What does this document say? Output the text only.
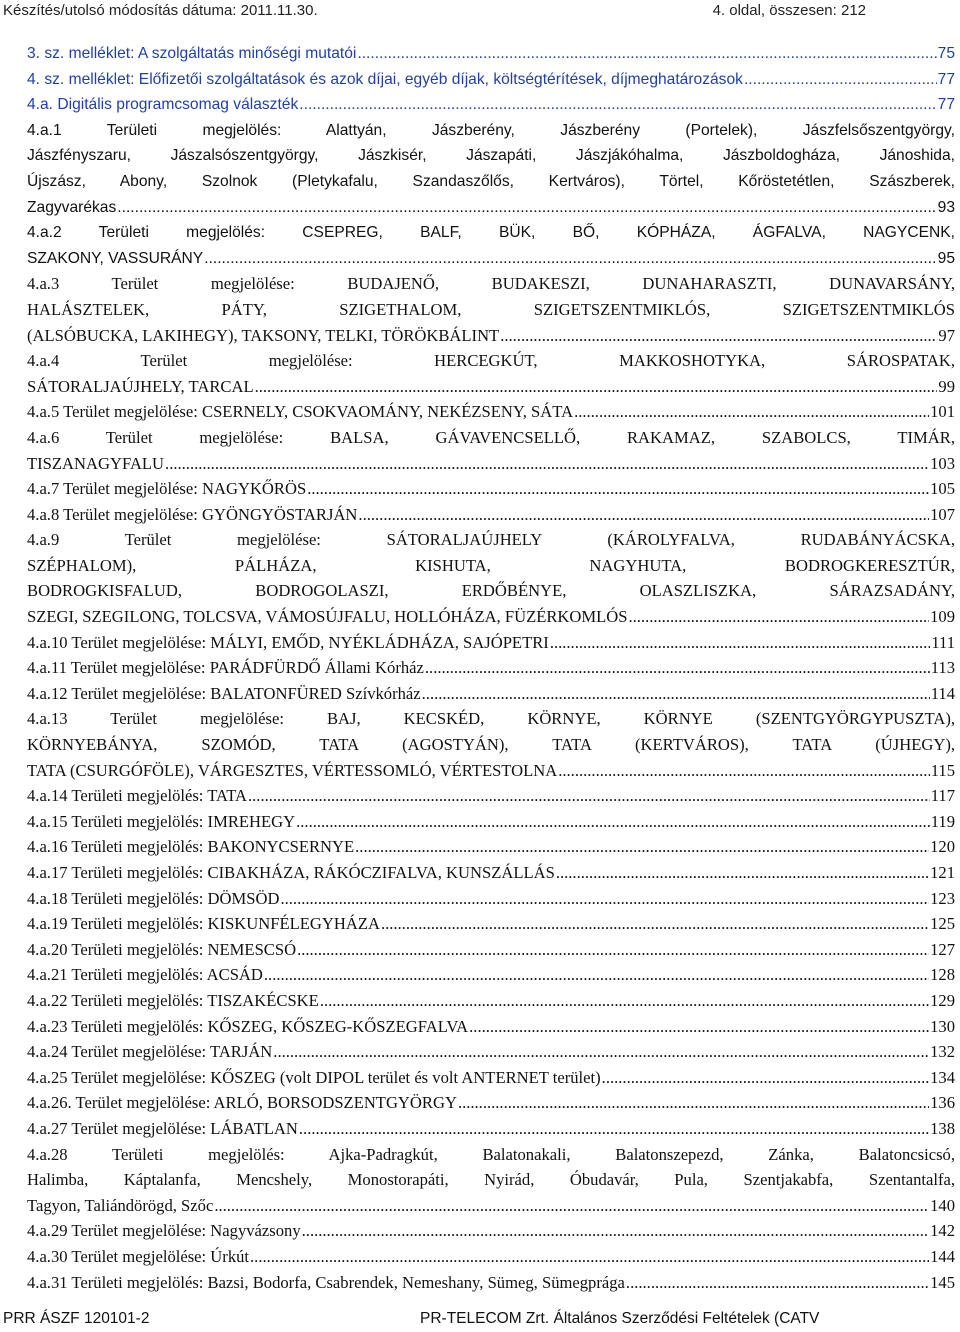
Készítés/utolsó módosítás dátuma: 2011.11.30.	4. oldal, összesen: 212
3. sz. melléklet: A szolgáltatás minőségi mutatói .....	75
4. sz. melléklet: Előfizetői szolgáltatások és azok díjai, egyéb díjak, költségtérítések, díjmeghatározások .....	77
4.a. Digitális programcsomag választék .....	77
4.a.1 Területi megjelölés: Alattyán, Jászberény, Jászberény (Portelek), Jászfelsőszentgyörgy,
Jászfényszaru, Jászalsószentgyörgy, Jászkisér, Jászapáti, Jászjákóhalma, Jászboldogháza, Jánoshida,
Újszász, Abony, Szolnok (Pletykafalu, Szandaszőlős, Kertváros), Törtel, Kőröstetétlen, Szászberek,
Zagyvarékas .....	93
4.a.2 Területi megjelölés: CSEPREG, BALF, BÜK, BŐ, KÓPHÁZA, ÁGFALVA, NAGYCENK,
SZAKONY, VASSURÁNY .....	95
4.a.3 Terület megjelölése: BUDAJENŐ, BUDAKESZI, DUNAHARASZTI, DUNAVARSÁNY,
HALÁSZTELEK, PÁTY, SZIGETHALOM, SZIGETSZENTMIKLÓS, SZIGETSZENTMIKLÓS
(ALSÓBUCKA, LAKIHEGY), TAKSONY, TELKI, TÖRÖKBÁLINT .....	97
4.a.4 Terület megjelölése: HERCEGKÚT, MAKKOSHOTYKA, SÁROSPATAK,
SÁTORALJAÚJHELY, TARCAL .....	99
4.a.5 Terület megjelölése: CSERNELY, CSOKVAOMÁNY, NEKÉZSENY, SÁTA .....	101
4.a.6 Terület megjelölése: BALSA, GÁVAVENCSELLŐ, RAKAMAZ, SZABOLCS, TIMÁR,
TISZANAGYFALU .....	103
4.a.7 Terület megjelölése: NAGYKŐRÖS .....	105
4.a.8 Terület megjelölése: GYÖNGYÖSTARJÁN .....	107
4.a.9 Terület megjelölése: SÁTORALJAÚJHELY (KÁROLYFALVA, RUDABÁNYÁCSKA,
SZÉPHALOM), PÁLHÁZA, KISHUTA, NAGYHUTA, BODROGKERESZTÚR,
BODROGKISFALUD, BODROGOLASZI, ERDŐBÉNYE, OLASZLISZKA, SÁRAZSADÁNY,
SZEGI, SZEGILONG, TOLCSVA, VÁMOSÚJFALU, HOLLÓHÁZA, FÜZÉRKOMLÓS .....	109
4.a.10 Terület megjelölése: MÁLYI, EMŐD, NYÉKLÁDHÁZA, SAJÓPETRI .....	111
4.a.11 Terület megjelölése: PARÁDFÜRDŐ Állami Kórház .....	113
4.a.12 Terület megjelölése: BALATONFÜRED Szívkórház .....	114
4.a.13 Terület megjelölése: BAJ, KECSKÉD, KÖRNYE, KÖRNYE (SZENTGYÖRGYPUSZTA),
KÖRNYEBÁNYA, SZOMÓD, TATA (AGOSTYÁN), TATA (KERTVÁROS), TATA (ÚJHEGY),
TATA (CSURGÓFÖLE), VÁRGESZTES, VÉRTESSOMLÓ, VÉRTESTOLNA .....	115
4.a.14 Területi megjelölés: TATA .....	117
4.a.15 Területi megjelölés: IMREHEGY .....	119
4.a.16 Területi megjelölés: BAKONYCSERNYE .....	120
4.a.17 Területi megjelölés: CIBAKHÁZA, RÁKÓCZIFALVA, KUNSZÁLLÁS .....	121
4.a.18 Területi megjelölés: DÖMSÖD .....	123
4.a.19 Területi megjelölés: KISKUNFÉLEGYHÁZA .....	125
4.a.20 Területi megjelölés: NEMESCSÓ .....	127
4.a.21 Területi megjelölés: ACSÁD .....	128
4.a.22 Területi megjelölés: TISZAKÉCSKE .....	129
4.a.23 Területi megjelölés: KŐSZEG, KŐSZEG-KŐSZEGFALVA .....	130
4.a.24 Terület megjelölése: TARJÁN .....	132
4.a.25 Terület megjelölése: KŐSZEG (volt DIPOL terület és volt ANTERNET terület) .....	134
4.a.26. Terület megjelölése: ARLÓ, BORSODSZENTGYÖRGY .....	136
4.a.27 Terület megjelölése: LÁBATLAN .....	138
4.a.28 Területi megjelölés: Ajka-Padragkút, Balatonakali, Balatonszepezd, Zánka, Balatoncsicsó,
Halimba, Káptalanfa, Mencshely, Monostorapáti, Nyirád, Óbudavár, Pula, Szentjakabfa, Szentantalfa,
Tagyon, Taliándörögd, Szőc .....	140
4.a.29 Terület megjelölése: Nagyvázsony .....	142
4.a.30 Terület megjelölése: Úrkút .....	144
4.a.31 Területi megjelölés: Bazsi, Bodorfa, Csabrendek, Nemeshany, Sümeg, Sümegprága .....	145
PRR ÁSZF 120101-2	PR-TELECOM Zrt. Általános Szerződési Feltételek (CATV
